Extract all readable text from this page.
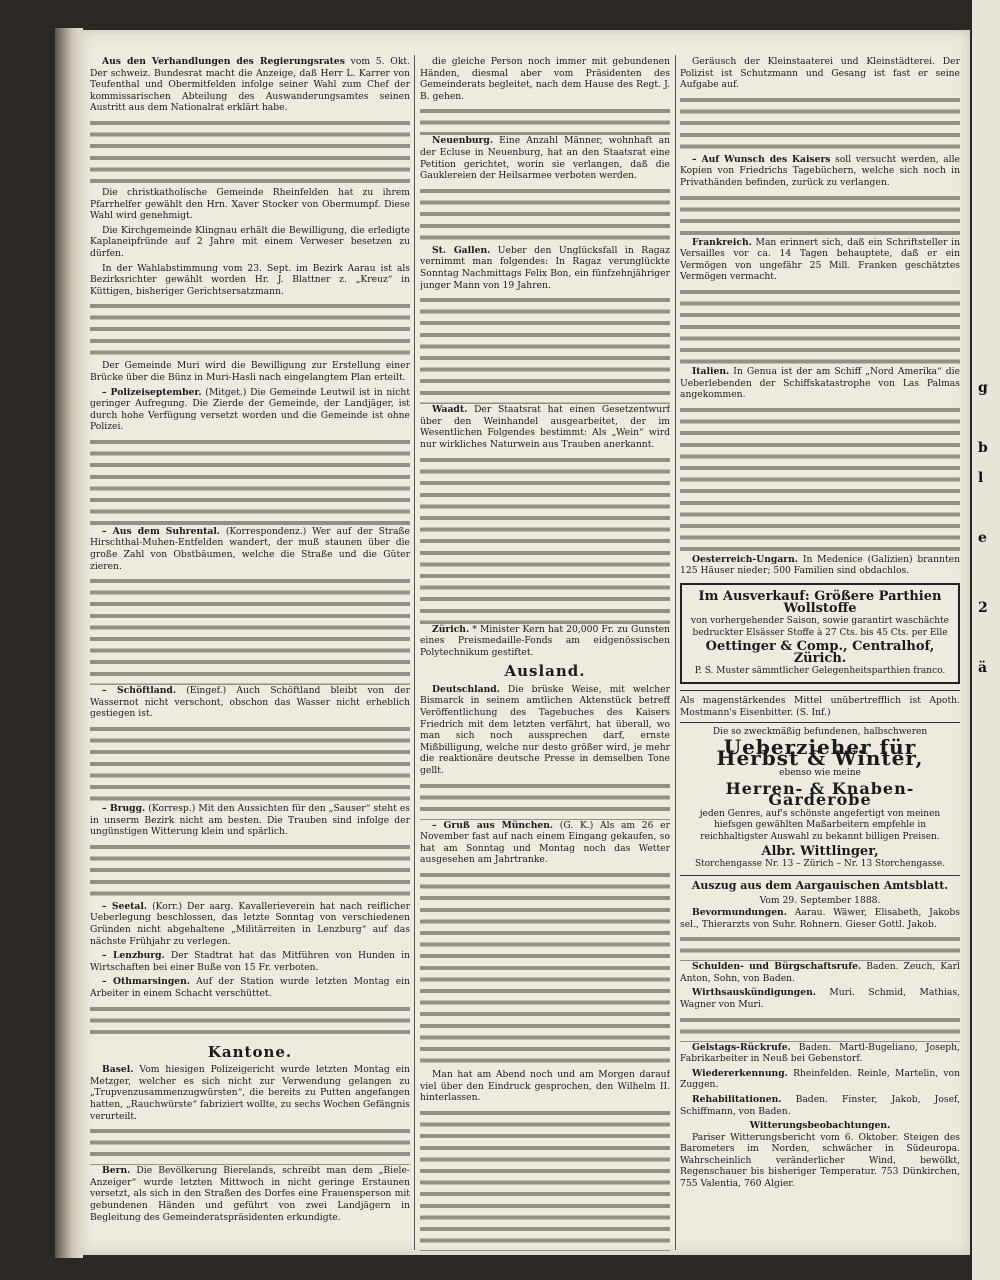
Aus den Verhandlungen des Regierungsrates vom 5. Okt. Der schweiz. Bundesrat macht die Anzeige, daß Herr L. Karrer von Teufenthal und Obermitfelden infolge seiner Wahl zum Chef der kommissarischen Abteilung des Auswanderungsamtes seinen Austritt aus dem Nationalrat erklärt habe.

Die christkatholische Gemeinde Rheinfelden hat zu ihrem Pfarrhelfer gewählt den Hrn. Xaver Stocker von Obermumpf. Diese Wahl wird genehmigt.

Die Kirchgemeinde Klingnau erhält die Bewilligung, die erledigte Kaplaneipfründe auf 2 Jahre mit einem Verweser besetzen zu dürfen.

In der Wahlabstimmung vom 23. Sept. im Bezirk Aarau ist als Bezirksrichter gewählt worden Hr. J. Blattner z. „Kreuz“ in Küttigen, bisheriger Gerichtsersatzmann.

Der Gemeinde Muri wird die Bewilligung zur Erstellung einer Brücke über die Bünz in Muri-Hasli nach eingelangtem Plan erteilt.

– Polizeiseptember. (Mitget.) Die Gemeinde Leutwil ist in nicht geringer Aufregung. Die Zierde der Gemeinde, der Landjäger, ist durch hohe Verfügung versetzt worden und die Gemeinde ist ohne Polizei.

– Aus dem Suhrental. (Korrespondenz.) Wer auf der Straße Hirschthal-Muhen-Entfelden wandert, der muß staunen über die große Zahl von Obstbäumen, welche die Straße und die Güter zieren.

– Schöftland. (Eingef.) Auch Schöftland bleibt von der Wassernot nicht verschont, obschon das Wasser nicht erheblich gestiegen ist.

– Brugg. (Korresp.) Mit den Aussichten für den „Sauser“ steht es in unserm Bezirk nicht am besten. Die Trauben sind infolge der ungünstigen Witterung klein und spärlich.

– Seetal. (Korr.) Der aarg. Kavallerieverein hat nach reiflicher Ueberlegung beschlossen, das letzte Sonntag von verschiedenen Gründen nicht abgehaltene „Militärreiten in Lenzburg“ auf das nächste Frühjahr zu verlegen.

– Lenzburg. Der Stadtrat hat das Mitführen von Hunden in Wirtschaften bei einer Buße von 15 Fr. verboten.

– Othmarsingen. Auf der Station wurde letzten Montag ein Arbeiter in einem Schacht verschüttet.

Kantone.

Basel. Vom hiesigen Polizeigericht wurde letzten Montag ein Metzger, welcher es sich nicht zur Verwendung gelangen zu „Trupvenzusammenzugwürsten“, die bereits zu Putten angefangen hatten, „Rauchwürste“ fabriziert wollte, zu sechs Wochen Gefängnis verurteilt.

Bern. Die Bevölkerung Bierelands, schreibt man dem „Biele-Anzeiger“ wurde letzten Mittwoch in nicht geringe Erstaunen versetzt, als sich in den Straßen des Dorfes eine Frauensperson mit gebundenen Händen und geführt von zwei Landjägern in Begleitung des Gemeinderatspräsidenten erkundigte.

die gleiche Person noch immer mit gebundenen Händen, diesmal aber vom Präsidenten des Gemeinderats begleitet, nach dem Hause des Regt. J. B. gehen.

Neuenburg. Eine Anzahl Männer, wohnhaft an der Ecluse in Neuenburg, hat an den Staatsrat eine Petition gerichtet, worin sie verlangen, daß die Gauklereien der Heilsarmee verboten werden.

St. Gallen. Ueber den Unglücksfall in Ragaz vernimmt man folgendes: In Ragaz verunglückte Sonntag Nachmittags Felix Bon, ein fünfzehnjähriger junger Mann von 19 Jahren.

Waadt. Der Staatsrat hat einen Gesetzentwurf über den Weinhandel ausgearbeitet, der im Wesentlichen Folgendes bestimmt: Als „Wein“ wird nur wirkliches Naturwein aus Trauben anerkannt.

Zürich. * Minister Kern hat 20,000 Fr. zu Gunsten eines Preismedaille-Fonds am eidgenössischen Polytechnikum gestiftet.

Ausland.

Deutschland. Die brüske Weise, mit welcher Bismarck in seinem amtlichen Aktenstück betreff Veröffentlichung des Tagebuches des Kaisers Friedrich mit dem letzten verfährt, hat überall, wo man sich noch aussprechen darf, ernste Mißbilligung, welche nur desto größer wird, je mehr die reaktionäre deutsche Presse in demselben Tone gellt.

– Gruß aus München. (G. K.) Als am 26 er November fast auf nach einem Eingang gekaufen, so hat am Sonntag und Montag noch das Wetter ausgesehen am Jahrtranke.

Man hat am Abend noch und am Morgen darauf viel über den Eindruck gesprochen, den Wilhelm II. hinterlassen.

Geräusch der Kleinstaaterei und Kleinstädterei. Der Polizist ist Schutzmann und Gesang ist fast er seine Aufgabe auf.

– Auf Wunsch des Kaisers soll versucht werden, alle Kopien von Friedrichs Tagebüchern, welche sich noch in Privathänden befinden, zurück zu verlangen.

Frankreich. Man erinnert sich, daß ein Schriftsteller in Versailles vor ca. 14 Tagen behauptete, daß er ein Vermögen von ungefähr 25 Mill. Franken geschätztes Vermögen vermacht.

Italien. In Genua ist der am Schiff „Nord Amerika“ die Ueberlebenden der Schiffskatastrophe von Las Palmas angekommen.

Oesterreich-Ungarn. In Medenice (Galizien) brannten 125 Häuser nieder; 500 Familien sind obdachlos.

Im Ausverkauf: Größere Parthien Wollstoffe
von vorhergehender Saison, sowie garantirt waschächte bedruckter Elsässer Stoffe à 27 Cts. bis 45 Cts. per Elle
Oettinger & Comp., Centralhof, Zürich.
P. S. Muster sämmtlicher Gelegenheitsparthien franco.

Als magenstärkendes Mittel unübertrefflich ist Apoth. Mostmann's Eisenbitter. (S. Inf.)

Die so zweckmäßig befundenen, halbschweren
Ueberzieher für Herbst & Winter,
ebenso wie meine
Herren- & Knaben-Garderobe
jeden Genres, auf's schönste angefertigt von meinen hiefsgen gewählten Maßarbeitern empfehle in reichhaltigster Auswahl zu bekannt billigen Preisen.
Albr. Wittlinger,
Storchengasse Nr. 13 – Zürich – Nr. 13 Storchengasse.
Auszug aus dem Aargauischen Amtsblatt.
Vom 29. September 1888.

Bevormundungen. Aarau. Wäwer, Elisabeth, Jakobs sel., Thierarzts von Suhr. Rohnern. Gieser Gottl. Jakob.

Schulden- und Bürgschaftsrufe. Baden. Zeuch, Karl Anton, Sohn, von Baden.

Wirthsauskündigungen. Muri. Schmid, Mathias, Wagner von Muri.

Gelstags-Rückrufe. Baden. Martl-Bugeliano, Joseph, Fabrikarbeiter in Neuß bei Gebenstorf.

Wiedererkennung. Rheinfelden. Reinle, Martelin, von Zuggen.

Rehabilitationen. Baden. Finster, Jakob, Josef, Schiffmann, von Baden.

Witterungsbeobachtungen.

Pariser Witterungsbericht vom 6. Oktober. Steigen des Barometers im Norden, schwächer in Südeuropa. Wahrscheinlich veränderlicher Wind, bewölkt, Regenschauer bis bisheriger Temperatur. 753 Dünkirchen, 755 Valentia, 760 Algier.

g
b
l
e
2
ä
